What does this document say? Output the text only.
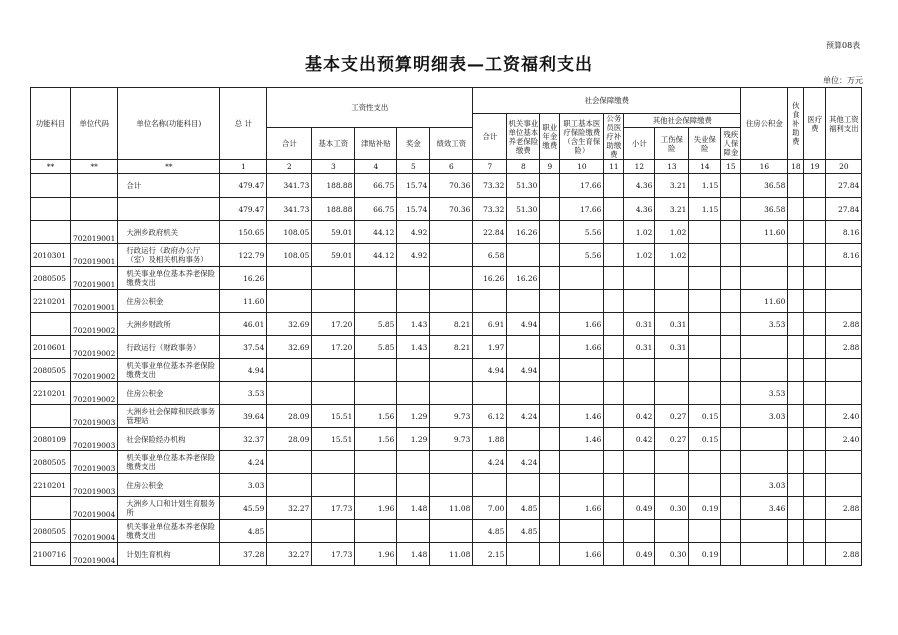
预算08表
基本支出预算明细表—工资福利支出
单位：万元
功能科目	单位代码	单位名称(功能科目)	总 计	工资性支出					社会保障缴费									住房公积金	伙食补助费	医疗费	其他工资福利支出
									合计	机关事业单位基本养老保险缴费	职业年金缴费	职工基本医疗保险缴费（含生育保险）	公务员医疗补助缴费	其他社会保障缴费							
				合计	基本工资	津贴补贴	奖金	绩效工资						小计	工伤保险	失业保险	残疾人保障金				
**	**	**	1	2	3	4	5	6	7	8	9	10	11	12	13	14	15	16	18	19	20
		合计	479.47	341.73	188.88	66.75	15.74	70.36	73.32	51.30		17.66		4.36	3.21	1.15		36.58			27.84
			479.47	341.73	188.88	66.75	15.74	70.36	73.32	51.30		17.66		4.36	3.21	1.15		36.58			27.84
	702019001	大洲乡政府机关	150.65	108.05	59.01	44.12	4.92		22.84	16.26		5.56		1.02	1.02			11.60			8.16
2010301	702019001	行政运行（政府办公厅（室）及相关机构事务）	122.79	108.05	59.01	44.12	4.92		6.58			5.56		1.02	1.02						8.16
2080505	702019001	机关事业单位基本养老保险缴费支出	16.26						16.26	16.26											
2210201	702019001	住房公积金	11.60															11.60			
	702019002	大洲乡财政所	46.01	32.69	17.20	5.85	1.43	8.21	6.91	4.94		1.66		0.31	0.31			3.53			2.88
2010601	702019002	行政运行（财政事务）	37.54	32.69	17.20	5.85	1.43	8.21	1.97			1.66		0.31	0.31						2.88
2080505	702019002	机关事业单位基本养老保险缴费支出	4.94						4.94	4.94											
2210201	702019002	住房公积金	3.53															3.53			
	702019003	大洲乡社会保障和民政事务管理站	39.64	28.09	15.51	1.56	1.29	9.73	6.12	4.24		1.46		0.42	0.27	0.15		3.03			2.40
2080109	702019003	社会保险经办机构	32.37	28.09	15.51	1.56	1.29	9.73	1.88			1.46		0.42	0.27	0.15					2.40
2080505	702019003	机关事业单位基本养老保险缴费支出	4.24						4.24	4.24											
2210201	702019003	住房公积金	3.03															3.03			
	702019004	大洲乡人口和计划生育服务所	45.59	32.27	17.73	1.96	1.48	11.08	7.00	4.85		1.66		0.49	0.30	0.19		3.46			2.88
2080505	702019004	机关事业单位基本养老保险缴费支出	4.85						4.85	4.85											
2100716	702019004	计划生育机构	37.28	32.27	17.73	1.96	1.48	11.08	2.15			1.66		0.49	0.30	0.19					2.88
